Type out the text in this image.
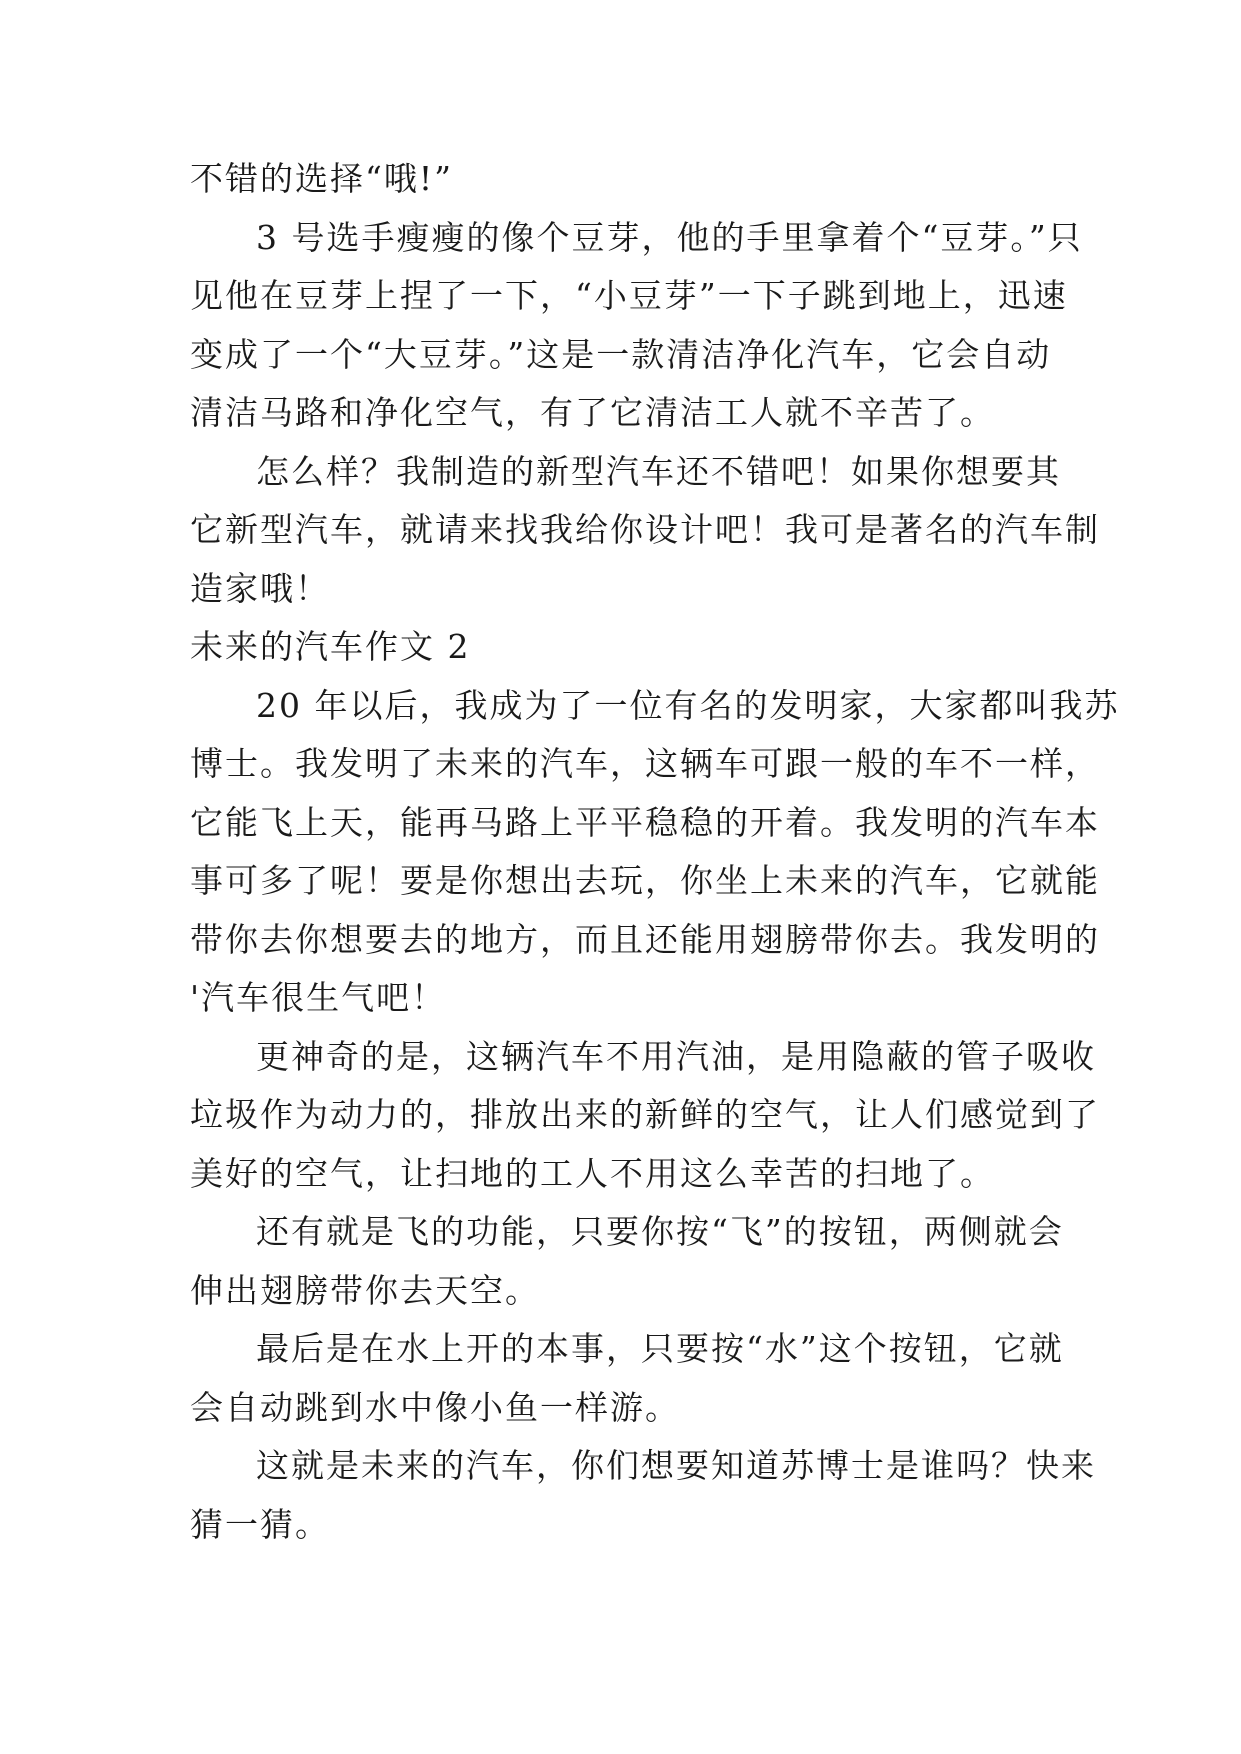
不错的选择“哦!”
3 号选手瘦瘦的像个豆芽，他的手里拿着个“豆芽。”只
见他在豆芽上捏了一下，“小豆芽”一下子跳到地上，迅速
变成了一个“大豆芽。”这是一款清洁净化汽车，它会自动
清洁马路和净化空气，有了它清洁工人就不辛苦了。
怎么样？我制造的新型汽车还不错吧！如果你想要其
它新型汽车，就请来找我给你设计吧！我可是著名的汽车制
造家哦！
未来的汽车作文 2
20 年以后，我成为了一位有名的发明家，大家都叫我苏
博士。我发明了未来的汽车，这辆车可跟一般的车不一样，
它能飞上天，能再马路上平平稳稳的开着。我发明的汽车本
事可多了呢！要是你想出去玩，你坐上未来的汽车，它就能
带你去你想要去的地方，而且还能用翅膀带你去。我发明的
'汽车很生气吧！
更神奇的是，这辆汽车不用汽油，是用隐蔽的管子吸收
垃圾作为动力的，排放出来的新鲜的空气，让人们感觉到了
美好的空气，让扫地的工人不用这么幸苦的扫地了。
还有就是飞的功能，只要你按“飞”的按钮，两侧就会
伸出翅膀带你去天空。
最后是在水上开的本事，只要按“水”这个按钮，它就
会自动跳到水中像小鱼一样游。
这就是未来的汽车，你们想要知道苏博士是谁吗？快来
猜一猜。
